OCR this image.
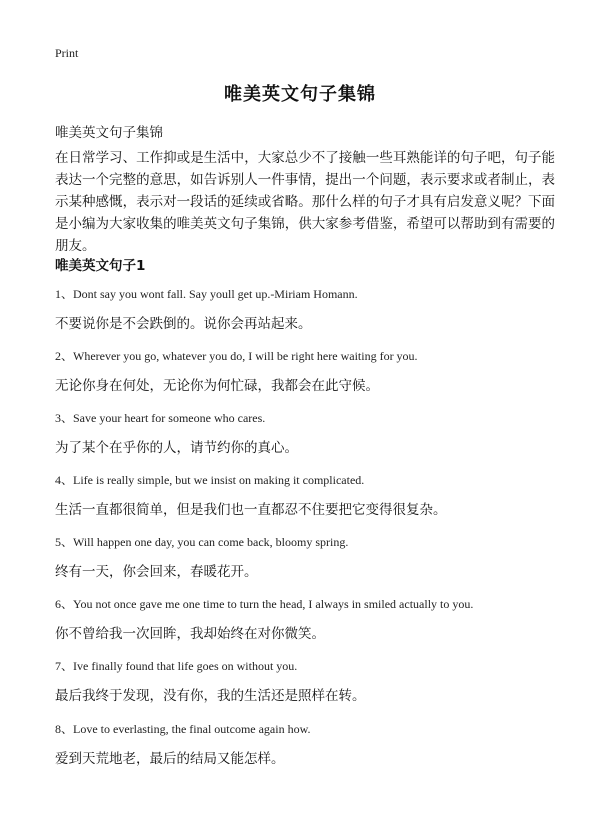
Print
唯美英文句子集锦
唯美英文句子集锦
在日常学习、工作抑或是生活中，大家总少不了接触一些耳熟能详的句子吧，句子能表达一个完整的意思，如告诉别人一件事情，提出一个问题，表示要求或者制止，表示某种感慨，表示对一段话的延续或省略。那什么样的句子才具有启发意义呢？下面是小编为大家收集的唯美英文句子集锦，供大家参考借鉴，希望可以帮助到有需要的朋友。
唯美英文句子1
1、Dont say you wont fall. Say youll get up.-Miriam Homann.
不要说你是不会跌倒的。说你会再站起来。
2、Wherever you go, whatever you do, I will be right here waiting for you.
无论你身在何处，无论你为何忙碌，我都会在此守候。
3、Save your heart for someone who cares.
为了某个在乎你的人，请节约你的真心。
4、Life is really simple, but we insist on making it complicated.
生活一直都很简单，但是我们也一直都忍不住要把它变得很复杂。
5、Will happen one day, you can come back, bloomy spring.
终有一天，你会回来，春暖花开。
6、You not once gave me one time to turn the head, I always in smiled actually to you.
你不曾给我一次回眸，我却始终在对你微笑。
7、Ive finally found that life goes on without you.
最后我终于发现，没有你，我的生活还是照样在转。
8、Love to everlasting, the final outcome again how.
爱到天荒地老，最后的结局又能怎样。
